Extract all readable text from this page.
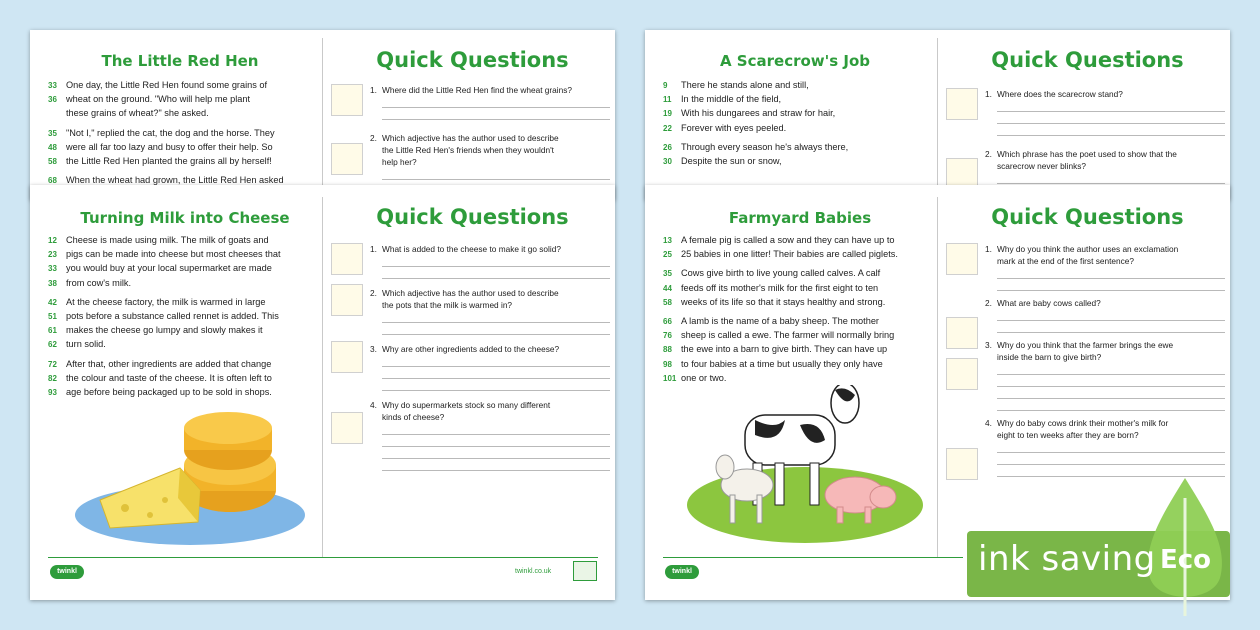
The Little Red Hen	Quick Questions
33 One day, the Little Red Hen found some grains of
36 wheat on the ground. "Who will help me plant
these grains of wheat?" she asked.
35 "Not I," replied the cat, the dog and the horse. They
48 were all far too lazy and busy to offer their help. So
58 the Little Red Hen planted the grains all by herself!
68 When the wheat had grown, the Little Red Hen asked
1. Where did the Little Red Hen find the wheat grains?
2. Which adjective has the author used to describe
the Little Red Hen's friends when they wouldn't
help her?
A Scarecrow's Job	Quick Questions
9 There he stands alone and still,
11 In the middle of the field,
19 With his dungarees and straw for hair,
22 Forever with eyes peeled.
26 Through every season he's always there,
30 Despite the sun or snow,
1. Where does the scarecrow stand?
2. Which phrase has the poet used to show that the
scarecrow never blinks?
Turning Milk into Cheese	Quick Questions
12 Cheese is made using milk. The milk of goats and
23 pigs can be made into cheese but most cheeses that
33 you would buy at your local supermarket are made
38 from cow's milk.
42 At the cheese factory, the milk is warmed in large
51 pots before a substance called rennet is added. This
61 makes the cheese go lumpy and slowly makes it
62 turn solid.
72 After that, other ingredients are added that change
82 the colour and taste of the cheese. It is often left to
93 age before being packaged up to be sold in shops.
1. What is added to the cheese to make it go solid?
2. Which adjective has the author used to describe
the pots that the milk is warmed in?
3. Why are other ingredients added to the cheese?
4. Why do supermarkets stock so many different
kinds of cheese?
twinkl	twinkl.co.uk
Farmyard Babies	Quick Questions
13 A female pig is called a sow and they can have up to
25 25 babies in one litter! Their babies are called piglets.
35 Cows give birth to live young called calves. A calf
44 feeds off its mother's milk for the first eight to ten
58 weeks of its life so that it stays healthy and strong.
66 A lamb is the name of a baby sheep. The mother
76 sheep is called a ewe. The farmer will normally bring
88 the ewe into a barn to give birth. They can have up
98 to four babies at a time but usually they only have
101 one or two.
1. Why do you think the author uses an exclamation
mark at the end of the first sentence?
2. What are baby cows called?
3. Why do you think that the farmer brings the ewe
inside the barn to give birth?
4. Why do baby cows drink their mother's milk for
eight to ten weeks after they are born?
twinkl	ink saving Eco
